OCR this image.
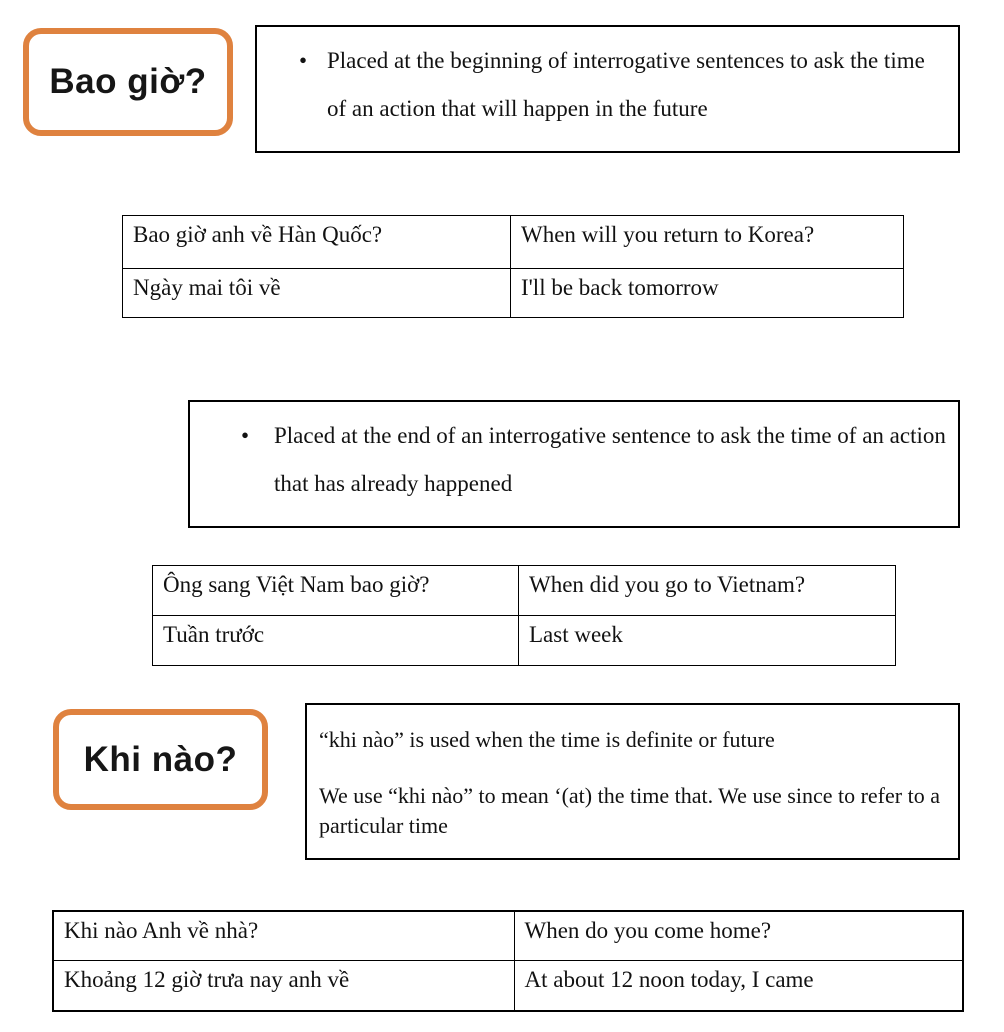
Bao giờ?
• Placed at the beginning of interrogative sentences to ask the time of an action that will happen in the future
Bao giờ anh về Hàn Quốc?	When will you return to Korea?
Ngày mai tôi về	I'll be back tomorrow
• Placed at the end of an interrogative sentence to ask the time of an action that has already happened
Ông sang Việt Nam bao giờ?	When did you go to Vietnam?
Tuần trước	Last week
Khi nào?	“khi nào” is used when the time is definite or future
We use “khi nào” to mean ‘(at) the time that. We use since to refer to a particular time
Khi nào Anh về nhà?	When do you come home?
Khoảng 12 giờ trưa nay anh về	At about 12 noon today, I came
